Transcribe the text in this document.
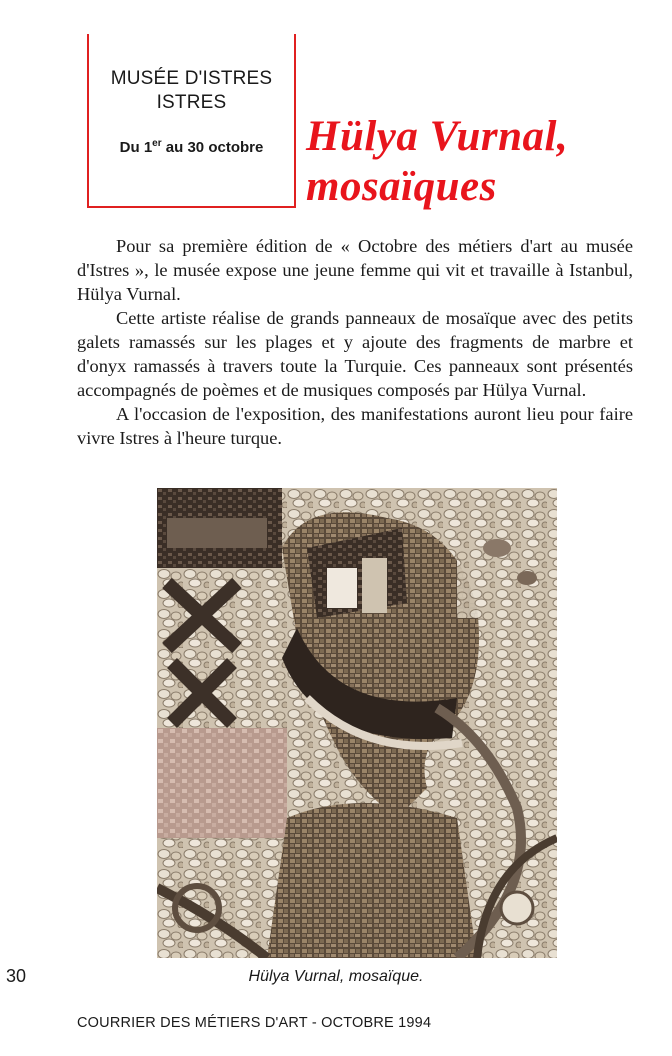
MUSÉE D'ISTRES
ISTRES
Du 1er au 30 octobre Hülya Vurnal,
mosaïques

Pour sa première édition de « Octobre des métiers d'art au musée d'Istres », le musée expose une jeune femme qui vit et travaille à Istanbul, Hülya Vurnal.

Cette artiste réalise de grands panneaux de mosaïque avec des petits galets ramassés sur les plages et y ajoute des fragments de marbre et d'onyx ramassés à travers toute la Turquie. Ces panneaux sont présentés accompagnés de poèmes et de musiques composés par Hülya Vurnal.

A l'occasion de l'exposition, des manifestations auront lieu pour faire vivre Istres à l'heure turque.

30	Hülya Vurnal, mosaïque.
COURRIER DES MÉTIERS D'ART - OCTOBRE 1994
